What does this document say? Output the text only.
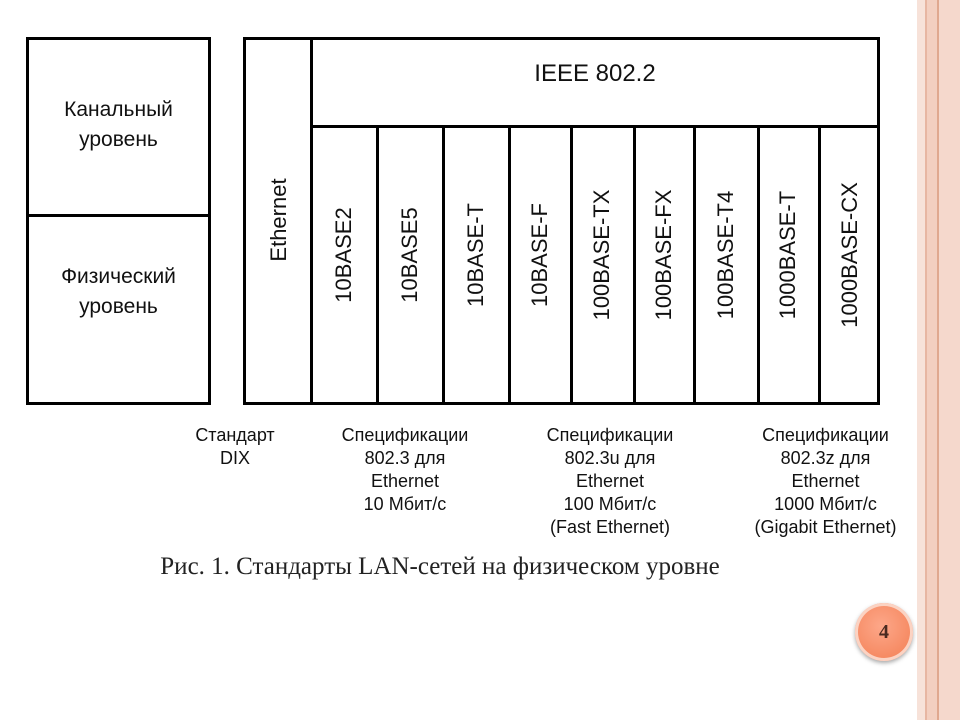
Канальный уровень
Физический уровень
IEEE 802.2
Ethernet 10BASE2 10BASE5 10BASE-T 10BASE-F 100BASE-TX 100BASE-FX 100BASE-T4 1000BASE-T 1000BASE-CX
Стандарт
DIX
Спецификации
802.3 для
Ethernet
10 Мбит/с
Спецификации
802.3u для
Ethernet
100 Мбит/с
(Fast Ethernet)
Спецификации
802.3z для
Ethernet
1000 Мбит/с
(Gigabit Ethernet)
Рис. 1. Стандарты LAN-сетей на физическом уровне
4
